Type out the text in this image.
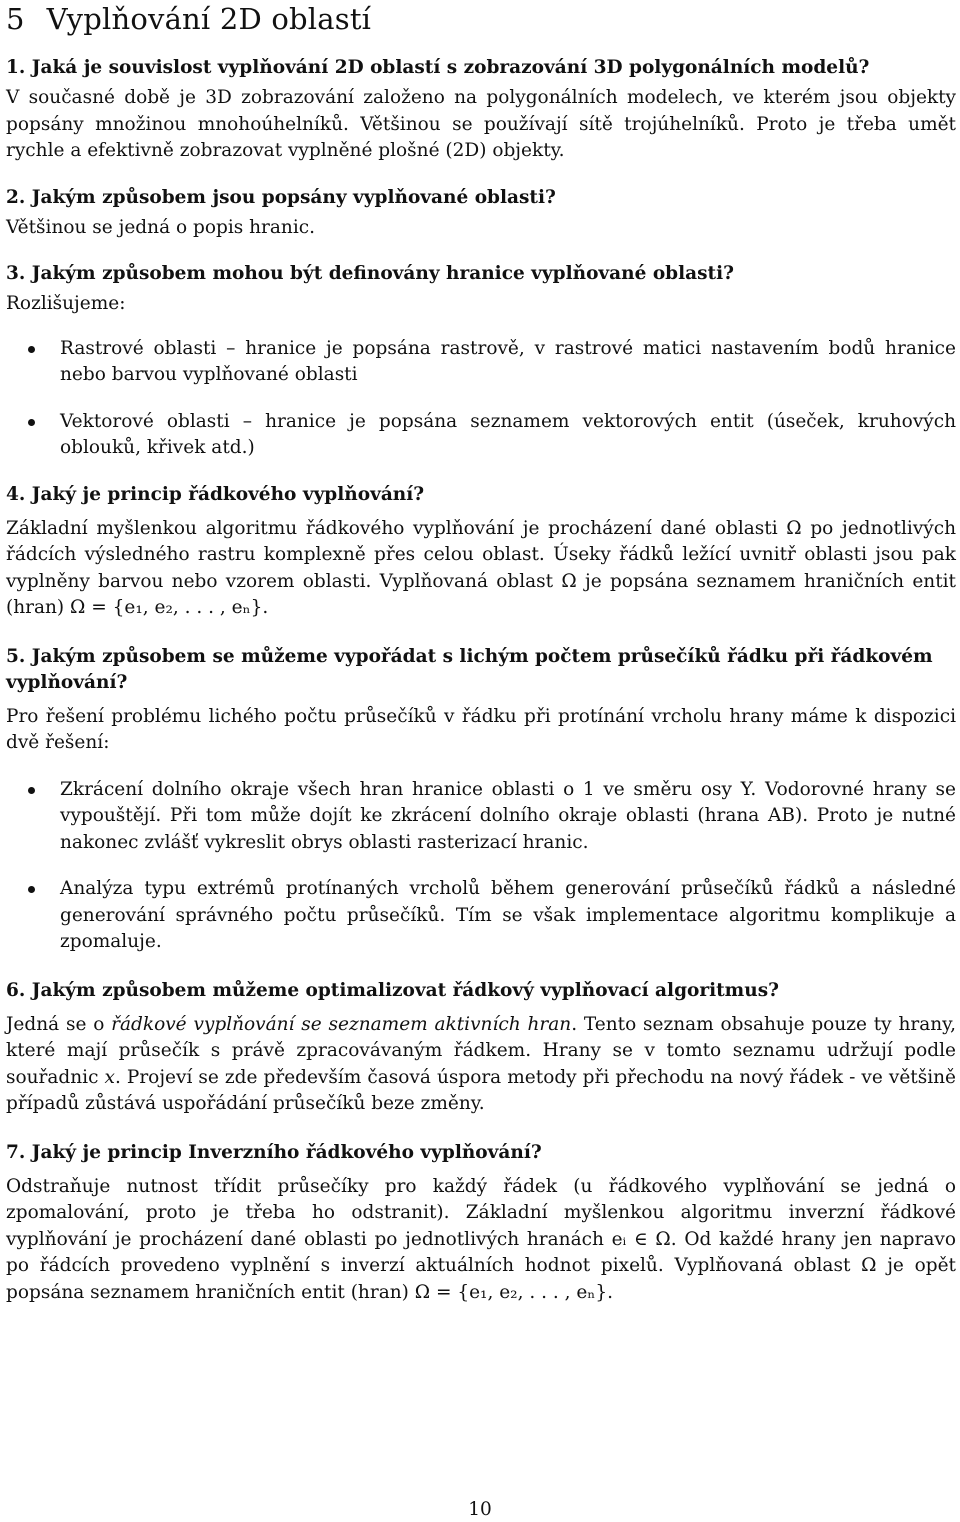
5 Vyplňování 2D oblastí
1. Jaká je souvislost vyplňování 2D oblastí s zobrazování 3D polygonálních modelů?

V současné době je 3D zobrazování založeno na polygonálních modelech, ve kterém jsou objekty popsány množinou mnohoúhelníků. Většinou se používají sítě trojúhelníků. Proto je třeba umět rychle a efektivně zobrazovat vyplněné plošné (2D) objekty.

2. Jakým způsobem jsou popsány vyplňované oblasti?

Většinou se jedná o popis hranic.

3. Jakým způsobem mohou být definovány hranice vyplňované oblasti?

Rozlišujeme:

Rastrové oblasti – hranice je popsána rastrově, v rastrové matici nastavením bodů hranice nebo barvou vyplňované oblasti
Vektorové oblasti – hranice je popsána seznamem vektorových entit (úseček, kruhových oblouků, křivek atd.)
4. Jaký je princip řádkového vyplňování?

Základní myšlenkou algoritmu řádkového vyplňování je procházení dané oblasti Ω po jednotlivých řádcích výsledného rastru komplexně přes celou oblast. Úseky řádků ležící uvnitř oblasti jsou pak vyplněny barvou nebo vzorem oblasti. Vyplňovaná oblast Ω je popsána seznamem hraničních entit (hran) Ω = {e₁, e₂, . . . , eₙ}.

5. Jakým způsobem se můžeme vypořádat s lichým počtem průsečíků řádku při řádkovém vyplňování?

Pro řešení problému lichého počtu průsečíků v řádku při protínání vrcholu hrany máme k dispozici dvě řešení:

Zkrácení dolního okraje všech hran hranice oblasti o 1 ve směru osy Y. Vodorovné hrany se vypouštějí. Při tom může dojít ke zkrácení dolního okraje oblasti (hrana AB). Proto je nutné nakonec zvlášť vykreslit obrys oblasti rasterizací hranic.
Analýza typu extrémů protínaných vrcholů během generování průsečíků řádků a následné generování správného počtu průsečíků. Tím se však implementace algoritmu komplikuje a zpomaluje.
6. Jakým způsobem můžeme optimalizovat řádkový vyplňovací algoritmus?

Jedná se o řádkové vyplňování se seznamem aktivních hran. Tento seznam obsahuje pouze ty hrany, které mají průsečík s právě zpracovávaným řádkem. Hrany se v tomto seznamu udržují podle souřadnic x. Projeví se zde především časová úspora metody při přechodu na nový řádek - ve většině případů zůstává uspořádání průsečíků beze změny.

7. Jaký je princip Inverzního řádkového vyplňování?

Odstraňuje nutnost třídit průsečíky pro každý řádek (u řádkového vyplňování se jedná o zpomalování, proto je třeba ho odstranit). Základní myšlenkou algoritmu inverzní řádkové vyplňování je procházení dané oblasti po jednotlivých hranách eᵢ ∈ Ω. Od každé hrany jen napravo po řádcích provedeno vyplnění s inverzí aktuálních hodnot pixelů. Vyplňovaná oblast Ω je opět popsána seznamem hraničních entit (hran) Ω = {e₁, e₂, . . . , eₙ}.

10
